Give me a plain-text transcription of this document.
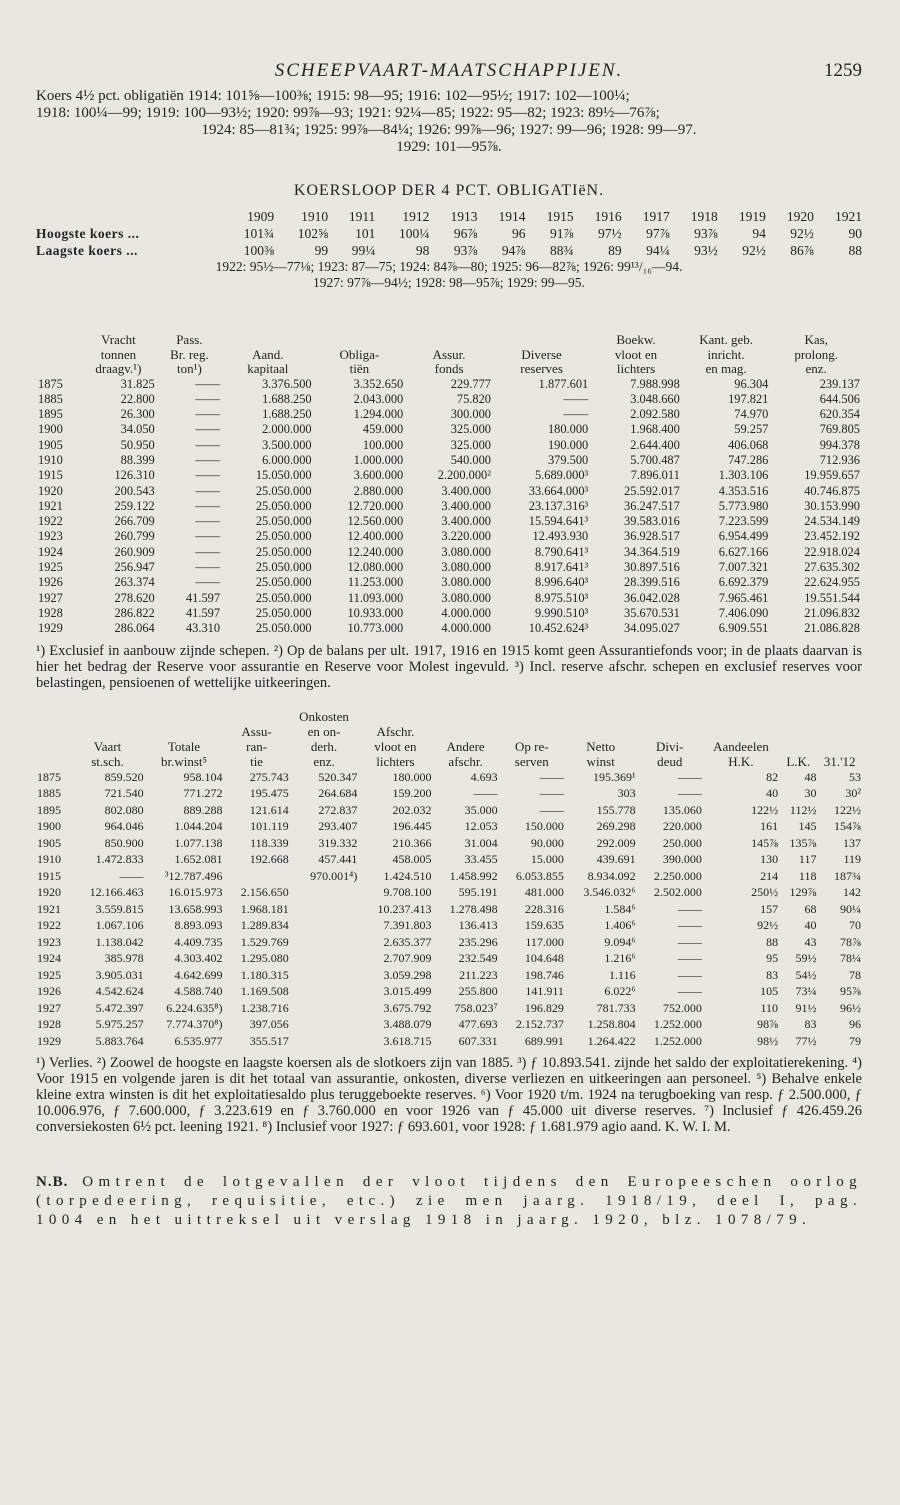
SCHEEPVAART-MAATSCHAPPIJEN.	1259
Koers 4½ pct. obligatiën 1914: 101⅝—100⅜; 1915: 98—95; 1916: 102—95½; 1917: 102—100¼;
1918: 100¼—99; 1919: 100—93½; 1920: 99⅞—93; 1921: 92¼—85; 1922: 95—82; 1923: 89½—76⅞;
1924: 85—81¾; 1925: 99⅞—84¼; 1926: 99⅞—96; 1927: 99—96; 1928: 99—97.
1929: 101—95⅞.
KOERSLOOP DER 4 PCT. OBLIGATIëN.
	1909	1910	1911	1912	1913	1914	1915	1916	1917	1918	1919	1920	1921
Hoogste koers ...	101¾	102⅝	101	100¼	96⅞	96	91⅞	97½	97⅞	93⅞	94	92½	90
Laagste koers ...	100⅜	99	99¼	98	93⅞	94⅞	88¾	89	94¼	93½	92½	86⅞	88
1922: 95½—77⅛; 1923: 87—75; 1924: 84⅞—80; 1925: 96—82⅞; 1926: 99¹³/₁₆—94.
1927: 97⅞—94½; 1928: 98—95⅞; 1929: 99—95.
	Vracht	Pass.					Boekw.	Kant. geb.	Kas,
	tonnen	Br. reg.	Aand.	Obliga-	Assur.	Diverse	vloot en	inricht.	prolong.
	draagv.¹)	ton¹)	kapitaal	tiën	fonds	reserves	lichters	en mag.	enz.
1875	31.825	——	3.376.500	3.352.650	229.777	1.877.601	7.988.998	96.304	239.137
1885	22.800	——	1.688.250	2.043.000	75.820	——	3.048.660	197.821	644.506
1895	26.300	——	1.688.250	1.294.000	300.000	——	2.092.580	74.970	620.354
1900	34.050	——	2.000.000	459.000	325.000	180.000	1.968.400	59.257	769.805
1905	50.950	——	3.500.000	100.000	325.000	190.000	2.644.400	406.068	994.378
1910	88.399	——	6.000.000	1.000.000	540.000	379.500	5.700.487	747.286	712.936
1915	126.310	——	15.050.000	3.600.000	2.200.000²	5.689.000³	7.896.011	1.303.106	19.959.657
1920	200.543	——	25.050.000	2.880.000	3.400.000	33.664.000³	25.592.017	4.353.516	40.746.875
1921	259.122	——	25.050.000	12.720.000	3.400.000	23.137.316³	36.247.517	5.773.980	30.153.990
1922	266.709	——	25.050.000	12.560.000	3.400.000	15.594.641³	39.583.016	7.223.599	24.534.149
1923	260.799	——	25.050.000	12.400.000	3.220.000	12.493.930	36.928.517	6.954.499	23.452.192
1924	260.909	——	25.050.000	12.240.000	3.080.000	8.790.641³	34.364.519	6.627.166	22.918.024
1925	256.947	——	25.050.000	12.080.000	3.080.000	8.917.641³	30.897.516	7.007.321	27.635.302
1926	263.374	——	25.050.000	11.253.000	3.080.000	8.996.640³	28.399.516	6.692.379	22.624.955
1927	278.620	41.597	25.050.000	11.093.000	3.080.000	8.975.510³	36.042.028	7.965.461	19.551.544
1928	286.822	41.597	25.050.000	10.933.000	4.000.000	9.990.510³	35.670.531	7.406.090	21.096.832
1929	286.064	43.310	25.050.000	10.773.000	4.000.000	10.452.624³	34.095.027	6.909.551	21.086.828
¹) Exclusief in aanbouw zijnde schepen. ²) Op de balans per ult. 1917, 1916 en 1915 komt geen Assurantiefonds voor; in de plaats daarvan is hier het bedrag der Reserve voor assurantie en Reserve voor Molest ingevuld. ³) Incl. reserve afschr. schepen en exclusief reserves voor belastingen, pensioenen of wettelijke uitkeeringen.
				Onkosten								
			Assu-	en on-	Afschr.							
	Vaart	Totale	ran-	derh.	vloot en	Andere	Op re-	Netto	Divi-	Aandeelen		
	st.sch.	br.winst⁵	tie	enz.	lichters	afschr.	serven	winst	deud	H.K.	L.K.	31.'12
1875	859.520	958.104	275.743	520.347	180.000	4.693	——	195.369¹	——	82	48	53
1885	721.540	771.272	195.475	264.684	159.200	——	——	303	——	40	30	30²
1895	802.080	889.288	121.614	272.837	202.032	35.000	——	155.778	135.060	122½	112½	122½
1900	964.046	1.044.204	101.119	293.407	196.445	12.053	150.000	269.298	220.000	161	145	154⅞
1905	850.900	1.077.138	118.339	319.332	210.366	31.004	90.000	292.009	250.000	145⅞	135⅞	137
1910	1.472.833	1.652.081	192.668	457.441	458.005	33.455	15.000	439.691	390.000	130	117	119
1915	——	³12.787.496		970.001⁴)	1.424.510	1.458.992	6.053.855	8.934.092	2.250.000	214	118	187¾
1920	12.166.463	16.015.973	2.156.650		9.708.100	595.191	481.000	3.546.032⁶	2.502.000	250½	129⅞	142
1921	3.559.815	13.658.993	1.968.181		10.237.413	1.278.498	228.316	1.584⁶	——	157	68	90¼
1922	1.067.106	8.893.093	1.289.834		7.391.803	136.413	159.635	1.406⁶	——	92½	40	70
1923	1.138.042	4.409.735	1.529.769		2.635.377	235.296	117.000	9.094⁶	——	88	43	78⅞
1924	385.978	4.303.402	1.295.080		2.707.909	232.549	104.648	1.216⁶	——	95	59½	78¼
1925	3.905.031	4.642.699	1.180.315		3.059.298	211.223	198.746	1.116	——	83	54½	78
1926	4.542.624	4.588.740	1.169.508		3.015.499	255.800	141.911	6.022⁶	——	105	73¼	95⅞
1927	5.472.397	6.224.635⁸)	1.238.716		3.675.792	758.023⁷	196.829	781.733	752.000	110	91½	96½
1928	5.975.257	7.774.370⁸)	397.056		3.488.079	477.693	2.152.737	1.258.804	1.252.000	98⅞	83	96
1929	5.883.764	6.535.977	355.517		3.618.715	607.331	689.991	1.264.422	1.252.000	98½	77½	79
¹) Verlies. ²) Zoowel de hoogste en laagste koersen als de slotkoers zijn van 1885. ³) ƒ 10.893.541. zijnde het saldo der exploitatierekening. ⁴) Voor 1915 en volgende jaren is dit het totaal van assurantie, onkosten, diverse verliezen en uitkeeringen aan personeel. ⁵) Behalve enkele kleine extra winsten is dit het exploitatiesaldo plus teruggeboekte reserves. ⁶) Voor 1920 t/m. 1924 na terugboeking van resp. ƒ 2.500.000, ƒ 10.006.976, ƒ 7.600.000, ƒ 3.223.619 en ƒ 3.760.000 en voor 1926 van ƒ 45.000 uit diverse reserves. ⁷) Inclusief ƒ 426.459.26 conversiekosten 6½ pct. leening 1921. ⁸) Inclusief voor 1927: ƒ 693.601, voor 1928: ƒ 1.681.979 agio aand. K. W. I. M.
N.B. Omtrent de lotgevallen der vloot tijdens den Europeeschen oorlog (torpedeering, requisitie, etc.) zie men jaarg. 1918/19, deel I, pag. 1004 en het uittreksel uit verslag 1918 in jaarg. 1920, blz. 1078/79.
